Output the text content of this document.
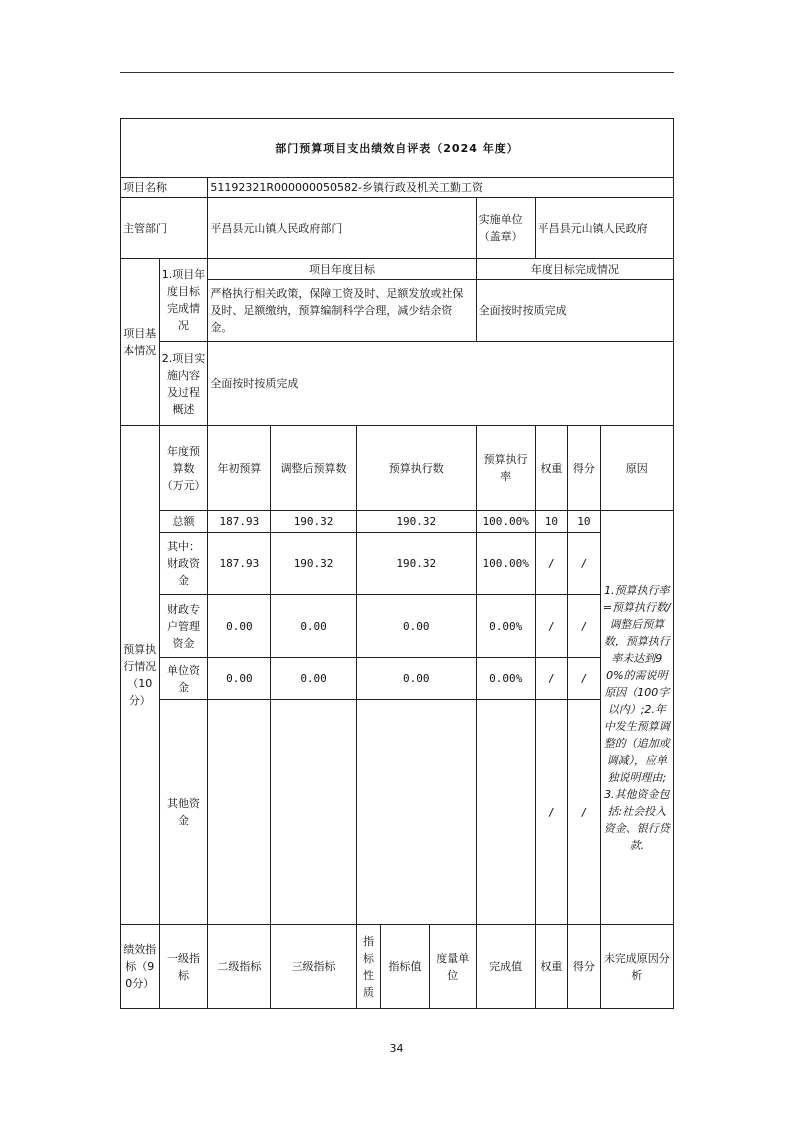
部门预算项目支出绩效自评表（2024 年度）										
项目名称		51192321R000000050582-乡镇行政及机关工勤工资								
主管部门		平昌县元山镇人民政府部门					实施单位（盖章）	平昌县元山镇人民政府		
项目基本情况	1.项目年度目标完成情况	项目年度目标					年度目标完成情况			
		严格执行相关政策，保障工资及时、足额发放或社保及时、足额缴纳，预算编制科学合理，减少结余资金。					全面按时按质完成			
	2.项目实施内容及过程概述	全面按时按质完成								

预算执行情况（10分）	年度预算数（万元）	年初预算	调整后预算数	预算执行数			预算执行率	权重	得分	原因
	总额	187.93	190.32	190.32			100.00%	10	10	1.预算执行率=预算执行数/调整后预算数，预算执行率未达到90%的需说明原因（100字以内）;2.年中发生预算调整的（追加或调减），应单独说明理由;3.其他资金包括:社会投入资金、银行贷款.
	其中：财政资金	187.93	190.32	190.32			100.00%	/	/	
	财政专户管理资金	0.00	0.00	0.00			0.00%	/	/	
	单位资金	0.00	0.00	0.00			0.00%	/	/	
	其他资金							/	/	
绩效指标（90分）	一级指标	二级指标	三级指标	指标性质	指标值	度量单位	完成值	权重	得分	未完成原因分析
34
